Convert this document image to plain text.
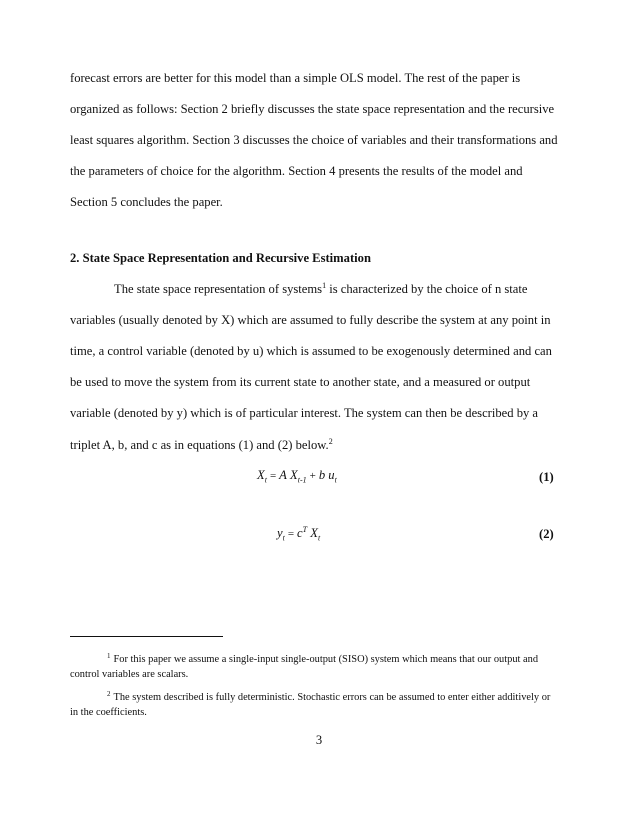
forecast errors are better for this model than a simple OLS model. The rest of the paper is
organized as follows: Section 2 briefly discusses the state space representation and the recursive
least squares algorithm. Section 3 discusses the choice of variables and their transformations and
the parameters of choice for the algorithm. Section 4 presents the results of the model and
Section 5 concludes the paper.
2. State Space Representation and Recursive Estimation
The state space representation of systems$^1$ is characterized by the choice of n state
variables (usually denoted by X) which are assumed to fully describe the system at any point in
time, a control variable (denoted by u) which is assumed to be exogenously determined and can
be used to move the system from its current state to another state, and a measured or output
variable (denoted by y) which is of particular interest. The system can then be described by a
triplet A, b, and c as in equations (1) and (2) below.$^2$
$X_t = A$ $X_{t-1} + b$ $u_t$	(1)
$y_t = c^T$ $X_t$	(2)
$^1$ For this paper we assume a single-input single-output (SISO) system which means that our output and
control variables are scalars.
$^2$ The system described is fully deterministic. Stochastic errors can be assumed to enter either additively or
in the coefficients.
3
